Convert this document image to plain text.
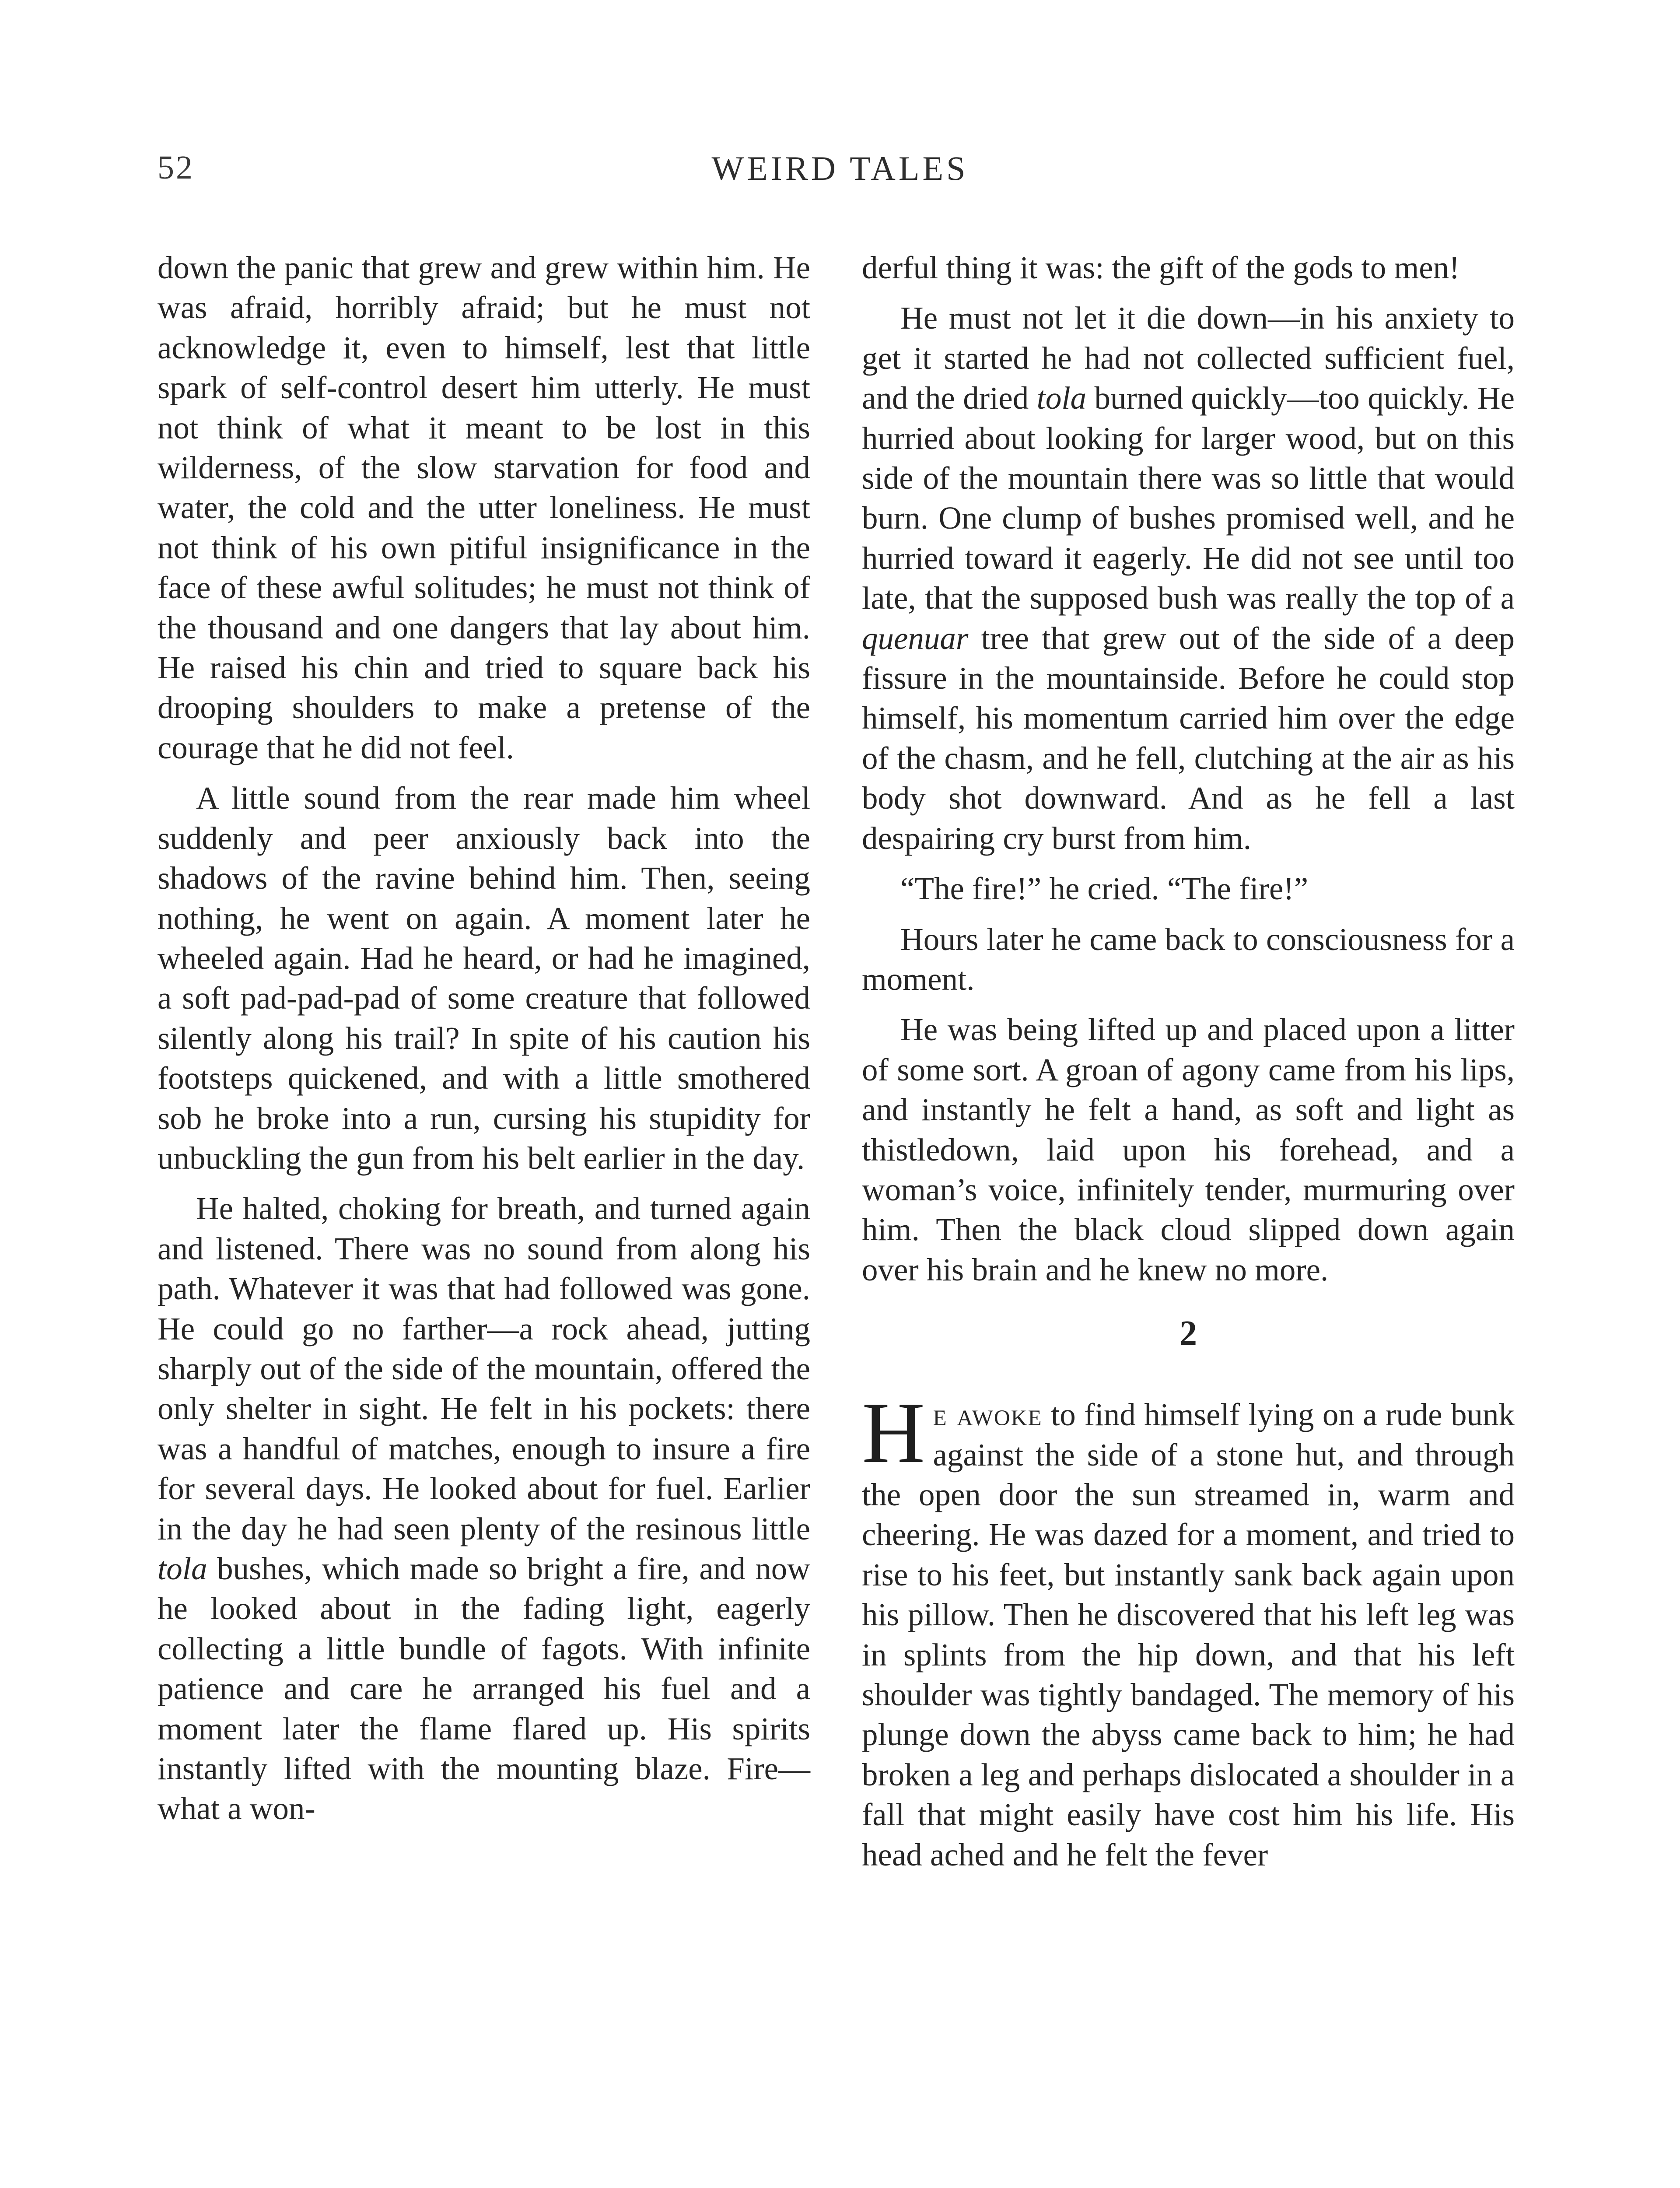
52	WEIRD TALES

down the panic that grew and grew within him. He was afraid, horribly afraid; but he must not acknowledge it, even to himself, lest that little spark of self-control desert him utterly. He must not think of what it meant to be lost in this wilderness, of the slow starvation for food and water, the cold and the utter loneliness. He must not think of his own pitiful insignificance in the face of these awful solitudes; he must not think of the thousand and one dangers that lay about him. He raised his chin and tried to square back his drooping shoulders to make a pretense of the courage that he did not feel.

A little sound from the rear made him wheel suddenly and peer anxiously back into the shadows of the ravine behind him. Then, seeing nothing, he went on again. A moment later he wheeled again. Had he heard, or had he imagined, a soft pad-pad-pad of some creature that followed silently along his trail? In spite of his caution his footsteps quickened, and with a little smothered sob he broke into a run, cursing his stupidity for unbuckling the gun from his belt earlier in the day.

He halted, choking for breath, and turned again and listened. There was no sound from along his path. Whatever it was that had followed was gone. He could go no farther—a rock ahead, jutting sharply out of the side of the mountain, offered the only shelter in sight. He felt in his pockets: there was a handful of matches, enough to insure a fire for several days. He looked about for fuel. Earlier in the day he had seen plenty of the resinous little tola bushes, which made so bright a fire, and now he looked about in the fading light, eagerly collecting a little bundle of fagots. With infinite patience and care he arranged his fuel and a moment later the flame flared up. His spirits instantly lifted with the mounting blaze. Fire—what a won-

derful thing it was: the gift of the gods to men!

He must not let it die down—in his anxiety to get it started he had not collected sufficient fuel, and the dried tola burned quickly—too quickly. He hurried about looking for larger wood, but on this side of the mountain there was so little that would burn. One clump of bushes promised well, and he hurried toward it eagerly. He did not see until too late, that the supposed bush was really the top of a quenuar tree that grew out of the side of a deep fissure in the mountainside. Before he could stop himself, his momentum carried him over the edge of the chasm, and he fell, clutching at the air as his body shot downward. And as he fell a last despairing cry burst from him.

“The fire!” he cried. “The fire!”

Hours later he came back to consciousness for a moment.

He was being lifted up and placed upon a litter of some sort. A groan of agony came from his lips, and instantly he felt a hand, as soft and light as thistledown, laid upon his forehead, and a woman’s voice, infinitely tender, murmuring over him. Then the black cloud slipped down again over his brain and he knew no more.

2

He awoke to find himself lying on a rude bunk against the side of a stone hut, and through the open door the sun streamed in, warm and cheering. He was dazed for a moment, and tried to rise to his feet, but instantly sank back again upon his pillow. Then he discovered that his left leg was in splints from the hip down, and that his left shoulder was tightly bandaged. The memory of his plunge down the abyss came back to him; he had broken a leg and perhaps dislocated a shoulder in a fall that might easily have cost him his life. His head ached and he felt the fever
